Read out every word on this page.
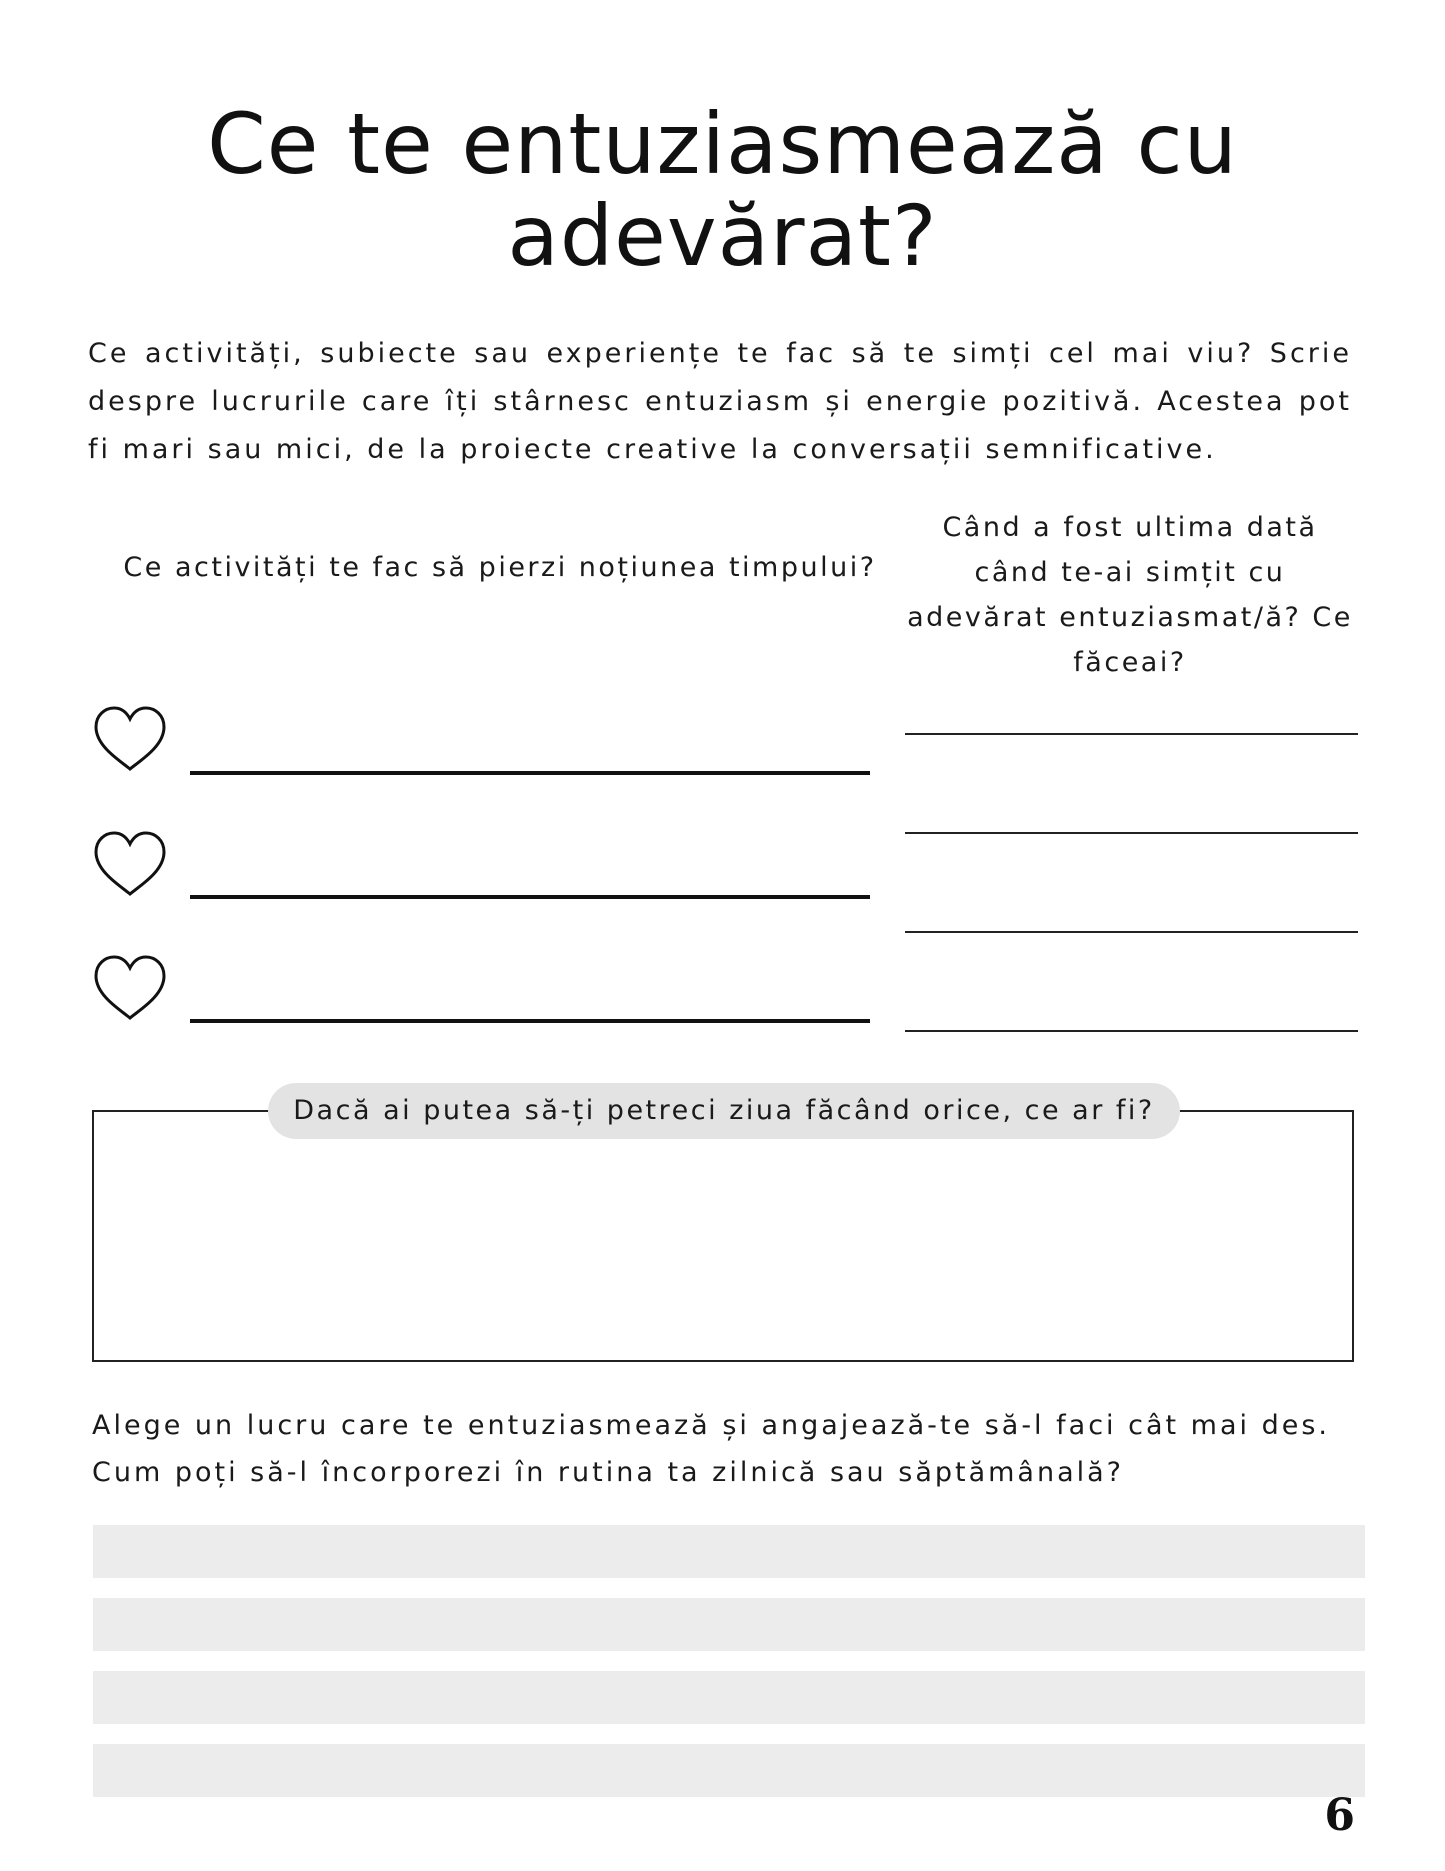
Ce te entuziasmează cu adevărat?
Ce activități, subiecte sau experiențe te fac să te simți cel mai viu? Scrie despre lucrurile care îți stârnesc entuziasm și energie pozitivă. Acestea pot fi mari sau mici, de la proiecte creative la conversații semnificative.
Ce activități te fac să pierzi noțiunea timpului?
Când a fost ultima dată când te-ai simțit cu adevărat entuziasmat/ă? Ce făceai?
Dacă ai putea să-ți petreci ziua făcând orice, ce ar fi?
Alege un lucru care te entuziasmează și angajează-te să-l faci cât mai des. Cum poți să-l încorporezi în rutina ta zilnică sau săptămânală?
6
